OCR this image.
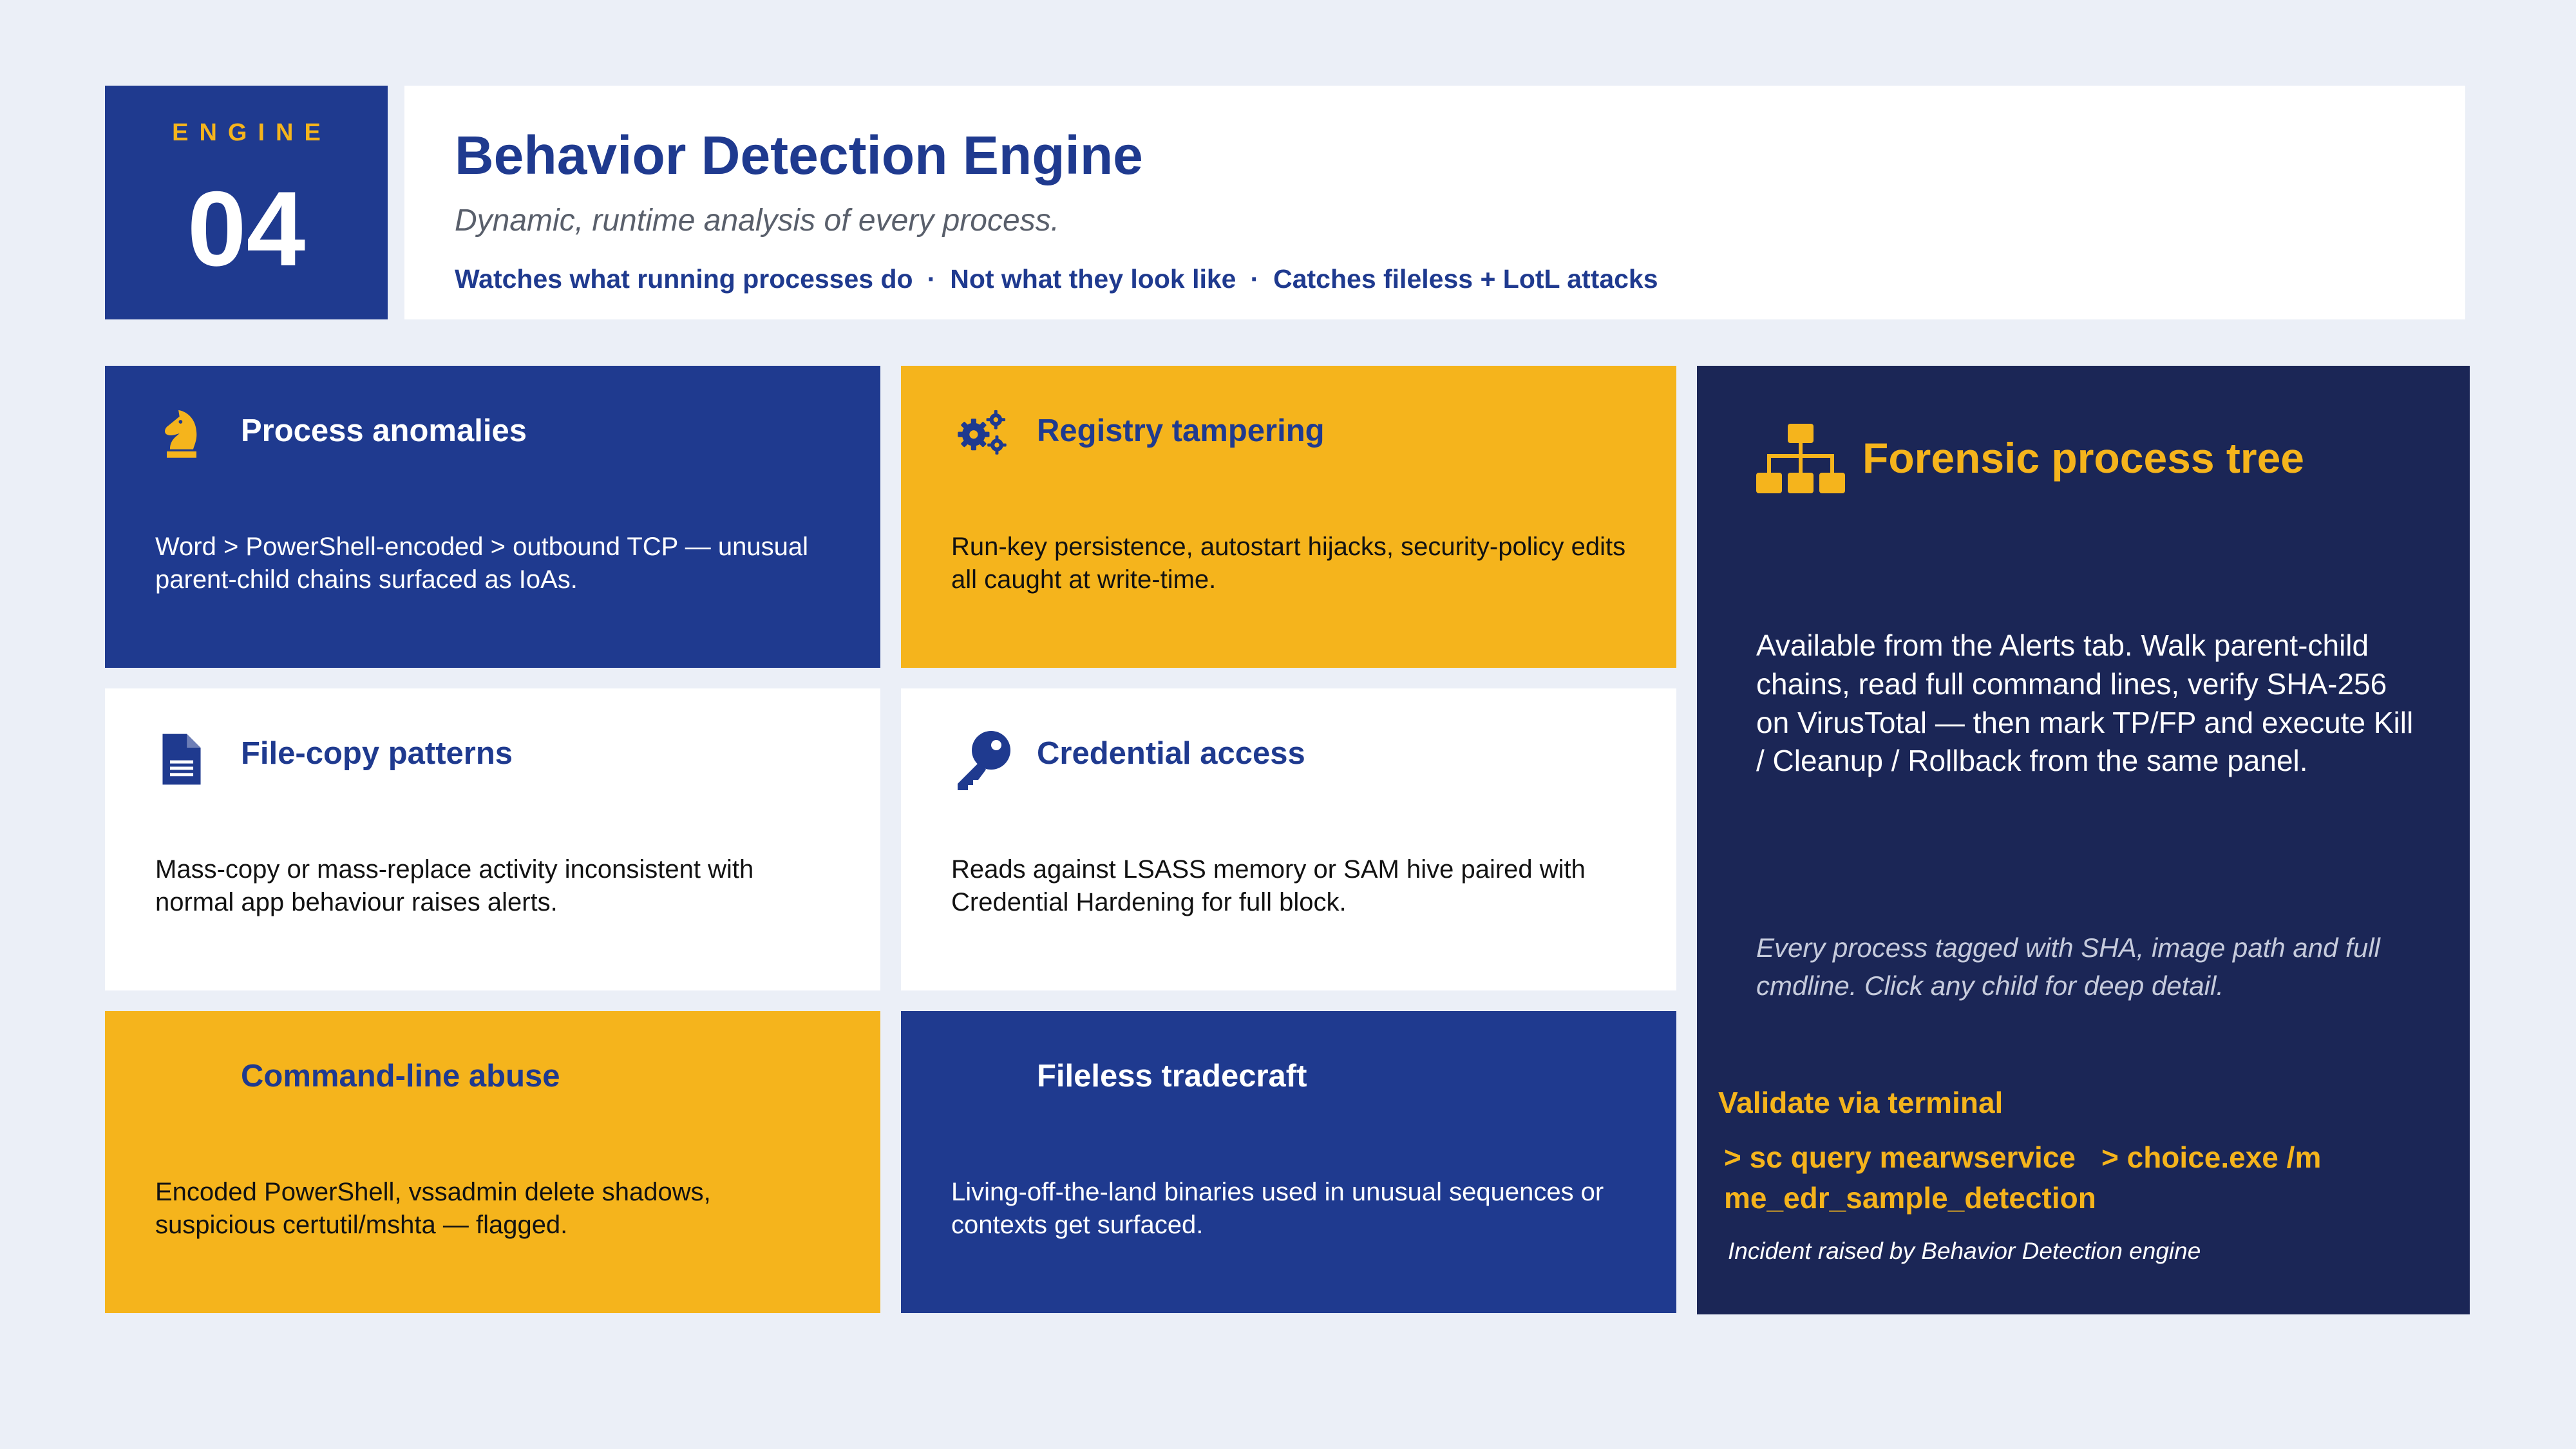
ENGINE
04
Behavior Detection Engine
Dynamic, runtime analysis of every process.
Watches what running processes do · Not what they look like · Catches fileless + LotL attacks
Process anomalies
Word > PowerShell-encoded > outbound TCP — unusual parent-child chains surfaced as IoAs.
Registry tampering
Run-key persistence, autostart hijacks, security-policy edits all caught at write-time.
File-copy patterns
Mass-copy or mass-replace activity inconsistent with normal app behaviour raises alerts.
Credential access
Reads against LSASS memory or SAM hive paired with Credential Hardening for full block.
Command-line abuse
Encoded PowerShell, vssadmin delete shadows, suspicious certutil/mshta — flagged.
Fileless tradecraft
Living-off-the-land binaries used in unusual sequences or contexts get surfaced.
Forensic process tree
Available from the Alerts tab. Walk parent-child chains, read full command lines, verify SHA-256 on VirusTotal — then mark TP/FP and execute Kill / Cleanup / Rollback from the same panel.
Every process tagged with SHA, image path and full cmdline. Click any child for deep detail.
Validate via terminal
> sc query mearwservice > choice.exe /m me_edr_sample_detection
Incident raised by Behavior Detection engine
